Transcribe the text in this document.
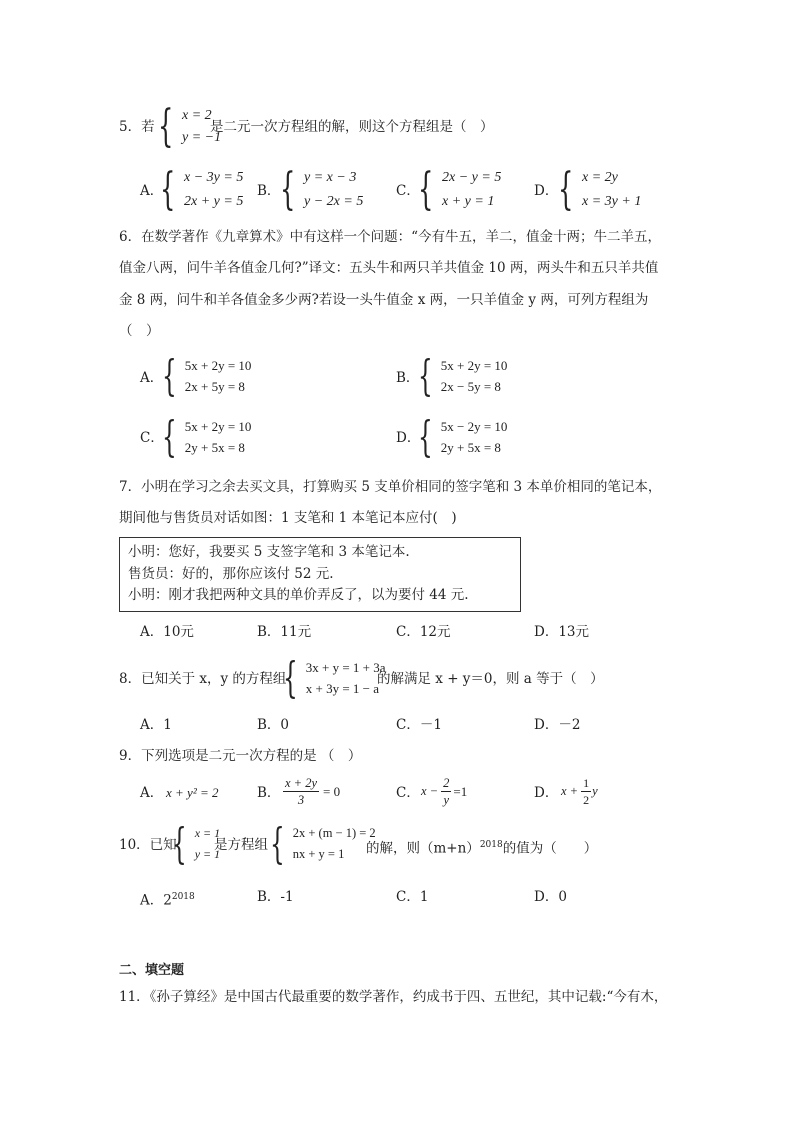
5．若 { x = 2
y = −1
是二元一次方程组的解，则这个方程组是（　）
A．
{ x − 3y = 5
2x + y = 5
B． { y = x − 3
y − 2x = 5
C．
{ 2x − y = 5
x + y = 1
D． { x = 2y
x = 3y + 1
6．在数学著作《九章算术》中有这样一个问题：“今有牛五，羊二，值金十两；牛二羊五，
值金八两，问牛羊各值金几何?”译文：五头牛和两只羊共值金 10 两，两头牛和五只羊共值
金 8 两，问牛和羊各值金多少两?若设一头牛值金 x 两，一只羊值金 y 两，可列方程组为
（　）
A．
{ 5x + 2y = 10
2x + 5y = 8
B．
{ 5x + 2y = 10
2x − 5y = 8
C．
{ 5x + 2y = 10
2y + 5x = 8
D．
{ 5x − 2y = 10
2y + 5x = 8
7．小明在学习之余去买文具，打算购买 5 支单价相同的签字笔和 3 本单价相同的笔记本，
期间他与售货员对话如图：1 支笔和 1 本笔记本应付(　)
小明：您好，我要买 5 支签字笔和 3 本笔记本.
售货员：好的，那你应该付 52 元.
小明：刚才我把两种文具的单价弄反了，以为要付 44 元.
A．10元	B．11元	C．12元	D．13元
8．已知关于 x，y 的方程组
{ 3x + y = 1 + 3a
x + 3y = 1 − a
的解满足 x + y＝0，则 a 等于（　）
A．1	B．0	C．－1	D．－2
9．下列选项是二元一次方程的是 （　）
A． x + y² = 2	B． $\frac{x + 2y}{3} = 0$	C． $x - \frac{2}{y} =1$	D． $x + \frac{1}{2}$ y
10．已知
{ x = 1
y = 1
是方程组 { 2x + (m − 1) = 2
nx + y = 1	的解，则$(m+n)^{2018}$的值为（　　）
A．$2^{2018}$	B．-1	C．1	D．0
二、填空题
11．《孙子算经》是中国古代最重要的数学著作，约成书于四、五世纪，其中记载:“今有木，
